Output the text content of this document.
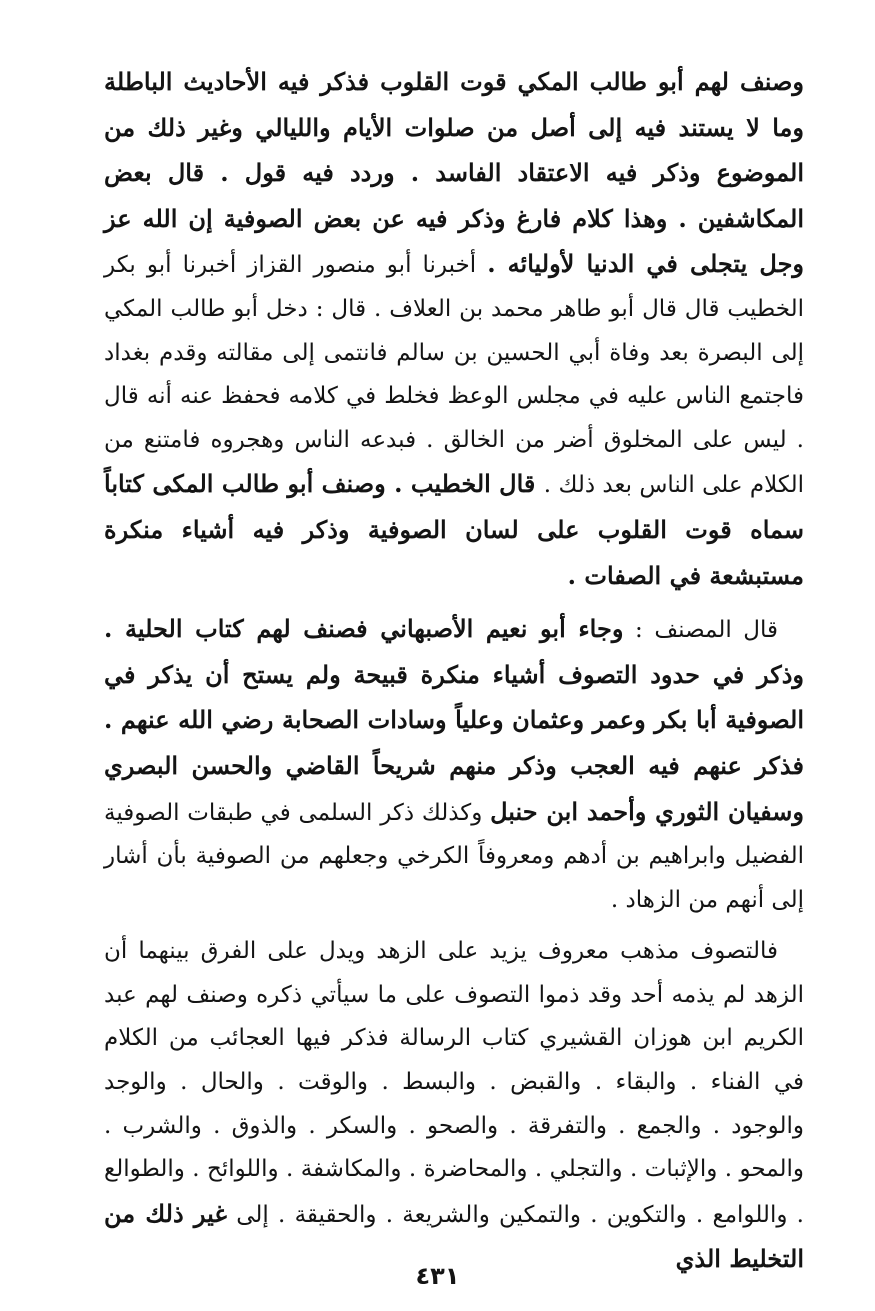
وصنف لهم أبو طالب المكي قوت القلوب فذكر فيه الأحاديث الباطلة وما لا يستند فيه إلى أصل من صلوات الأيام والليالي وغير ذلك من الموضوع وذكر فيه الاعتقاد الفاسد . وردد فيه قول . قال بعض المكاشفين . وهذا كلام فارغ وذكر فيه عن بعض الصوفية إن الله عز وجل يتجلى في الدنيا لأوليائه . أخبرنا أبو منصور القزاز أخبرنا أبو بكر الخطيب قال قال أبو طاهر محمد بن العلاف . قال : دخل أبو طالب المكي إلى البصرة بعد وفاة أبي الحسين بن سالم فانتمى إلى مقالته وقدم بغداد فاجتمع الناس عليه في مجلس الوعظ فخلط في كلامه فحفظ عنه أنه قال . ليس على المخلوق أضر من الخالق . فبدعه الناس وهجروه فامتنع من الكلام على الناس بعد ذلك . قال الخطيب . وصنف أبو طالب المكى كتاباً سماه قوت القلوب على لسان الصوفية وذكر فيه أشياء منكرة مستبشعة في الصفات .

قال المصنف : وجاء أبو نعيم الأصبهاني فصنف لهم كتاب الحلية . وذكر في حدود التصوف أشياء منكرة قبيحة ولم يستح أن يذكر في الصوفية أبا بكر وعمر وعثمان وعلياً وسادات الصحابة رضي الله عنهم . فذكر عنهم فيه العجب وذكر منهم شريحاً القاضي والحسن البصري وسفيان الثوري وأحمد ابن حنبل وكذلك ذكر السلمى في طبقات الصوفية الفضيل وابراهيم بن أدهم ومعروفاً الكرخي وجعلهم من الصوفية بأن أشار إلى أنهم من الزهاد .

فالتصوف مذهب معروف يزيد على الزهد ويدل على الفرق بينهما أن الزهد لم يذمه أحد وقد ذموا التصوف على ما سيأتي ذكره وصنف لهم عبد الكريم ابن هوزان القشيري كتاب الرسالة فذكر فيها العجائب من الكلام في الفناء . والبقاء . والقبض . والبسط . والوقت . والحال . والوجد والوجود . والجمع . والتفرقة . والصحو . والسكر . والذوق . والشرب . والمحو . والإثبات . والتجلي . والمحاضرة . والمكاشفة . واللوائح . والطوالع . واللوامع . والتكوين . والتمكين والشريعة . والحقيقة . إلى غير ذلك من التخليط الذي

٤٣١
